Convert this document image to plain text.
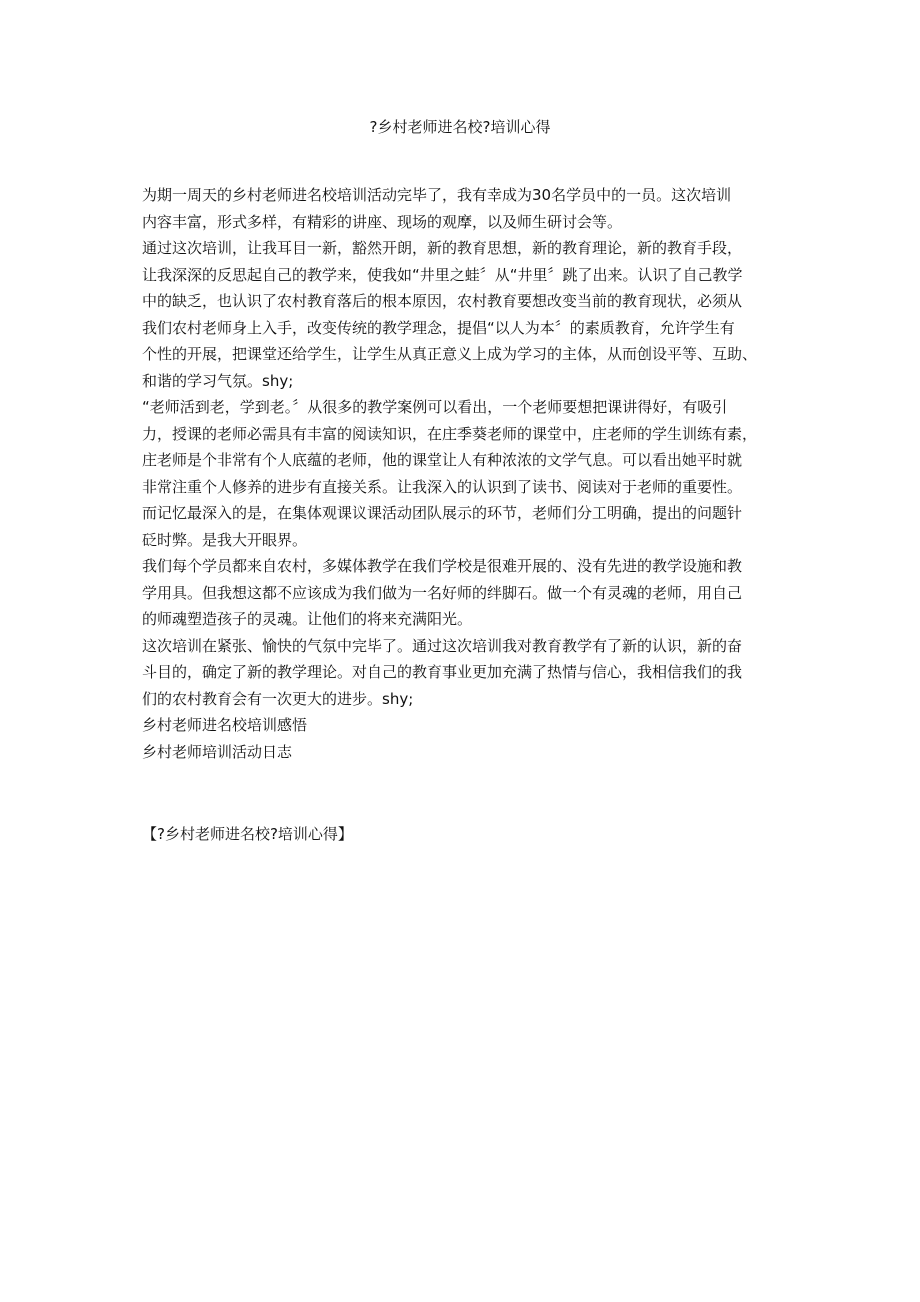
?乡村老师进名校?培训心得
为期一周天的乡村老师进名校培训活动完毕了，我有幸成为30名学员中的一员。这次培训
内容丰富，形式多样，有精彩的讲座、现场的观摩，以及师生研讨会等。
通过这次培训，让我耳目一新，豁然开朗，新的教育思想，新的教育理论，新的教育手段，
让我深深的反思起自己的教学来，使我如“井里之蛙〞从“井里〞跳了出来。认识了自己教学
中的缺乏，也认识了农村教育落后的根本原因，农村教育要想改变当前的教育现状，必须从
我们农村老师身上入手，改变传统的教学理念，提倡“以人为本〞的素质教育，允许学生有
个性的开展，把课堂还给学生，让学生从真正意义上成为学习的主体，从而创设平等、互助、
和谐的学习气氛。shy;
“老师活到老，学到老。〞从很多的教学案例可以看出，一个老师要想把课讲得好，有吸引
力，授课的老师必需具有丰富的阅读知识，在庄季葵老师的课堂中，庄老师的学生训练有素，
庄老师是个非常有个人底蕴的老师，他的课堂让人有种浓浓的文学气息。可以看出她平时就
非常注重个人修养的进步有直接关系。让我深入的认识到了读书、阅读对于老师的重要性。
而记忆最深入的是，在集体观课议课活动团队展示的环节，老师们分工明确，提出的问题针
砭时弊。是我大开眼界。
我们每个学员都来自农村，多媒体教学在我们学校是很难开展的、没有先进的教学设施和教
学用具。但我想这都不应该成为我们做为一名好师的绊脚石。做一个有灵魂的老师，用自己
的师魂塑造孩子的灵魂。让他们的将来充满阳光。
这次培训在紧张、愉快的气氛中完毕了。通过这次培训我对教育教学有了新的认识，新的奋
斗目的，确定了新的教学理论。对自己的教育事业更加充满了热情与信心，我相信我们的我
们的农村教育会有一次更大的进步。shy;
乡村老师进名校培训感悟
乡村老师培训活动日志
【?乡村老师进名校?培训心得】
